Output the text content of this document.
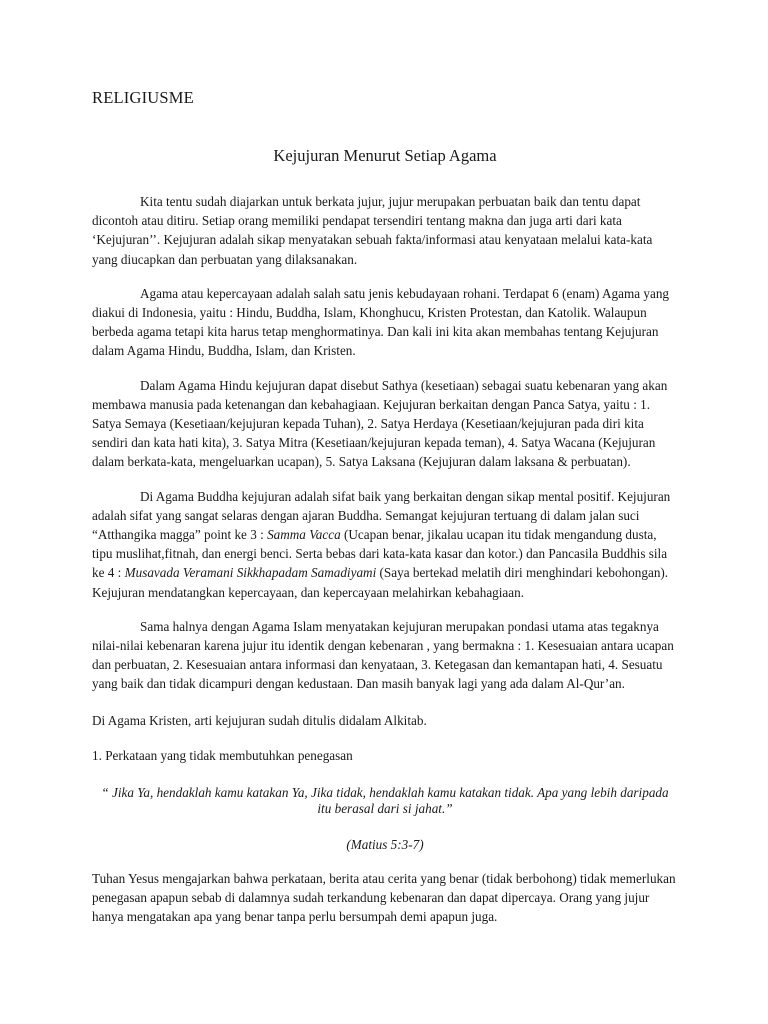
RELIGIUSME
Kejujuran Menurut Setiap Agama

Kita tentu sudah diajarkan untuk berkata jujur, jujur merupakan perbuatan baik dan tentu dapat dicontoh atau ditiru. Setiap orang memiliki pendapat tersendiri tentang makna dan juga arti dari kata ‘Kejujuran’’. Kejujuran adalah sikap menyatakan sebuah fakta/informasi atau kenyataan melalui kata-kata yang diucapkan dan perbuatan yang dilaksanakan.

Agama atau kepercayaan adalah salah satu jenis kebudayaan rohani. Terdapat 6 (enam) Agama yang diakui di Indonesia, yaitu : Hindu, Buddha, Islam, Khonghucu, Kristen Protestan, dan Katolik. Walaupun berbeda agama tetapi kita harus tetap menghormatinya. Dan kali ini kita akan membahas tentang Kejujuran dalam Agama Hindu, Buddha, Islam, dan Kristen.

Dalam Agama Hindu kejujuran dapat disebut Sathya (kesetiaan) sebagai suatu kebenaran yang akan membawa manusia pada ketenangan dan kebahagiaan. Kejujuran berkaitan dengan Panca Satya, yaitu : 1. Satya Semaya (Kesetiaan/kejujuran kepada Tuhan), 2. Satya Herdaya (Kesetiaan/kejujuran pada diri kita sendiri dan kata hati kita), 3. Satya Mitra (Kesetiaan/kejujuran kepada teman), 4. Satya Wacana (Kejujuran dalam berkata-kata, mengeluarkan ucapan), 5. Satya Laksana (Kejujuran dalam laksana & perbuatan).

Di Agama Buddha kejujuran adalah sifat baik yang berkaitan dengan sikap mental positif. Kejujuran adalah sifat yang sangat selaras dengan ajaran Buddha. Semangat kejujuran tertuang di dalam jalan suci “Atthangika magga” point ke 3 : Samma Vacca (Ucapan benar, jikalau ucapan itu tidak mengandung dusta, tipu muslihat,fitnah, dan energi benci. Serta bebas dari kata-kata kasar dan kotor.) dan Pancasila Buddhis sila ke 4 : Musavada Veramani Sikkhapadam Samadiyami (Saya bertekad melatih diri menghindari kebohongan). Kejujuran mendatangkan kepercayaan, dan kepercayaan melahirkan kebahagiaan.

Sama halnya dengan Agama Islam menyatakan kejujuran merupakan pondasi utama atas tegaknya nilai-nilai kebenaran karena jujur itu identik dengan kebenaran , yang bermakna : 1. Kesesuaian antara ucapan dan perbuatan, 2. Kesesuaian antara informasi dan kenyataan, 3. Ketegasan dan kemantapan hati, 4. Sesuatu yang baik dan tidak dicampuri dengan kedustaan. Dan masih banyak lagi yang ada dalam Al-Qur’an.

Di Agama Kristen, arti kejujuran sudah ditulis didalam Alkitab.

1. Perkataan yang tidak membutuhkan penegasan

“ Jika Ya, hendaklah kamu katakan Ya, Jika tidak, hendaklah kamu katakan tidak. Apa yang lebih daripada itu berasal dari si jahat.”

(Matius 5:3-7)

Tuhan Yesus mengajarkan bahwa perkataan, berita atau cerita yang benar (tidak berbohong) tidak memerlukan penegasan apapun sebab di dalamnya sudah terkandung kebenaran dan dapat dipercaya. Orang yang jujur hanya mengatakan apa yang benar tanpa perlu bersumpah demi apapun juga.
